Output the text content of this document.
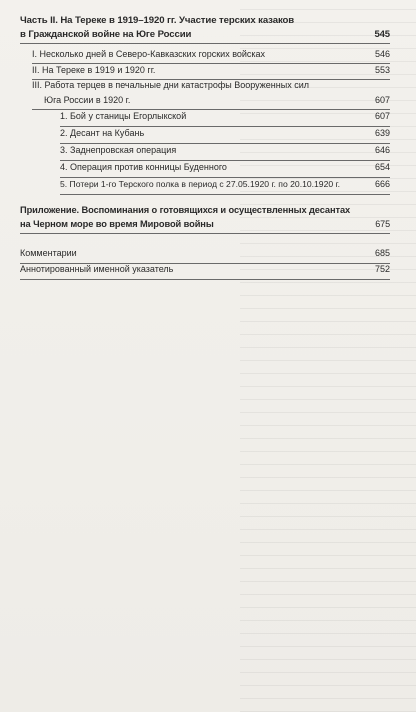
Часть II. На Тереке в 1919–1920 гг. Участие терских казаков
в Гражданской войне на Юге России	545
I. Несколько дней в Северо-Кавказских горских войсках	546
II. На Тереке в 1919 и 1920 гг.	553
III. Работа терцев в печальные дни катастрофы Вооруженных сил
Юга России в 1920 г.	607
1. Бой у станицы Егорлыкской	607
2. Десант на Кубань	639
3. Заднепровская операция	646
4. Операция против конницы Буденного	654
5. Потери 1-го Терского полка в период с 27.05.1920 г. по 20.10.1920 г.	666
Приложение. Воспоминания о готовящихся и осуществленных десантах
на Черном море во время Мировой войны	675
Комментарии	685
Аннотированный именной указатель	752
